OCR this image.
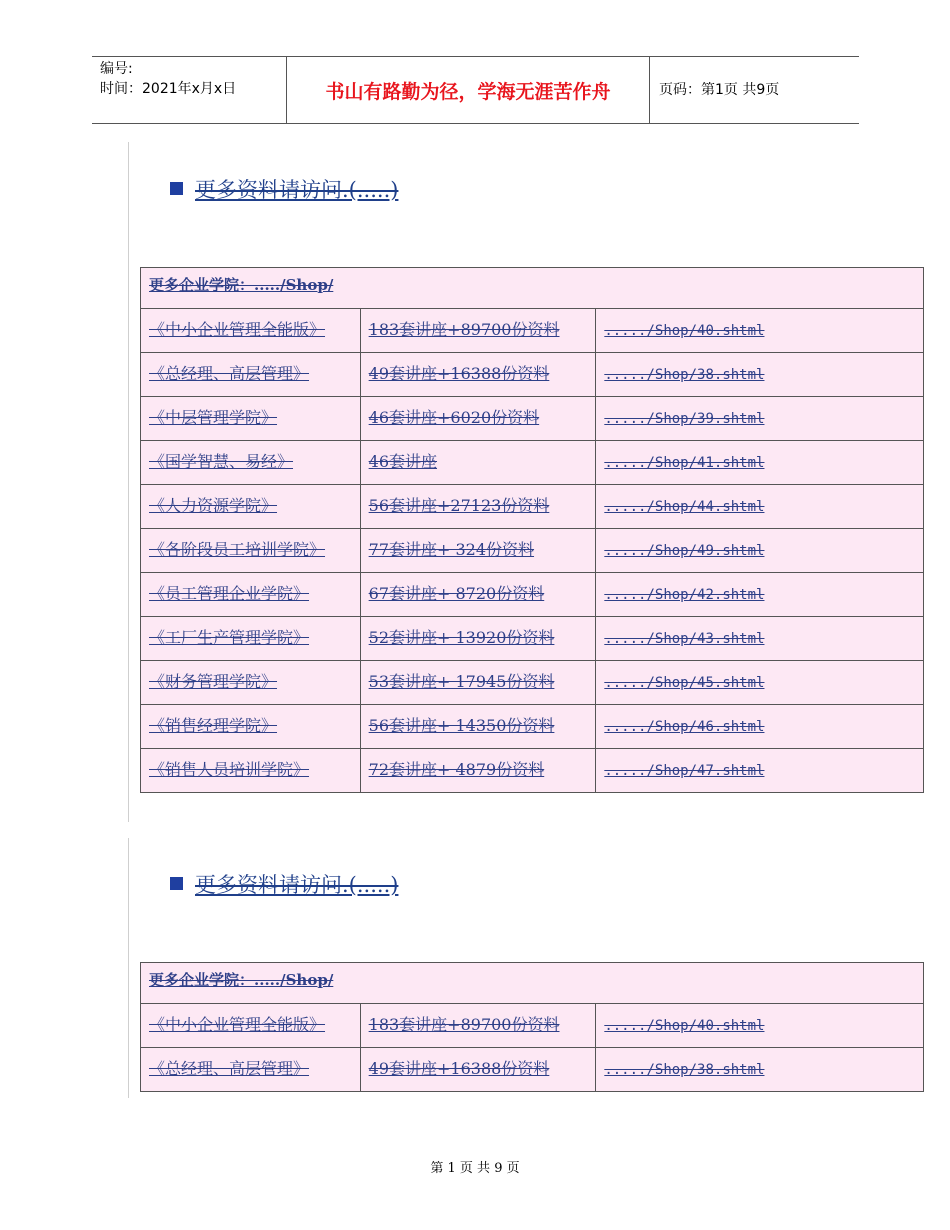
编号:
时间：2021年x月x日	书山有路勤为径，学海无涯苦作舟	页码：第1页 共9页
更多资料请访问.(.....)
更多企业学院：...../Shop/		
《中小企业管理全能版》	183套讲座+89700份资料	...../Shop/40.shtml
《总经理、高层管理》	49套讲座+16388份资料	...../Shop/38.shtml
《中层管理学院》	46套讲座+6020份资料	...../Shop/39.shtml
《国学智慧、易经》	46套讲座	...../Shop/41.shtml
《人力资源学院》	56套讲座+27123份资料	...../Shop/44.shtml
《各阶段员工培训学院》	77套讲座+ 324份资料	...../Shop/49.shtml
《员工管理企业学院》	67套讲座+ 8720份资料	...../Shop/42.shtml
《工厂生产管理学院》	52套讲座+ 13920份资料	...../Shop/43.shtml
《财务管理学院》	53套讲座+ 17945份资料	...../Shop/45.shtml
《销售经理学院》	56套讲座+ 14350份资料	...../Shop/46.shtml
《销售人员培训学院》	72套讲座+ 4879份资料	...../Shop/47.shtml
更多资料请访问.(.....)
更多企业学院：...../Shop/		
《中小企业管理全能版》	183套讲座+89700份资料	...../Shop/40.shtml
《总经理、高层管理》	49套讲座+16388份资料	...../Shop/38.shtml
第 1 页 共 9 页
